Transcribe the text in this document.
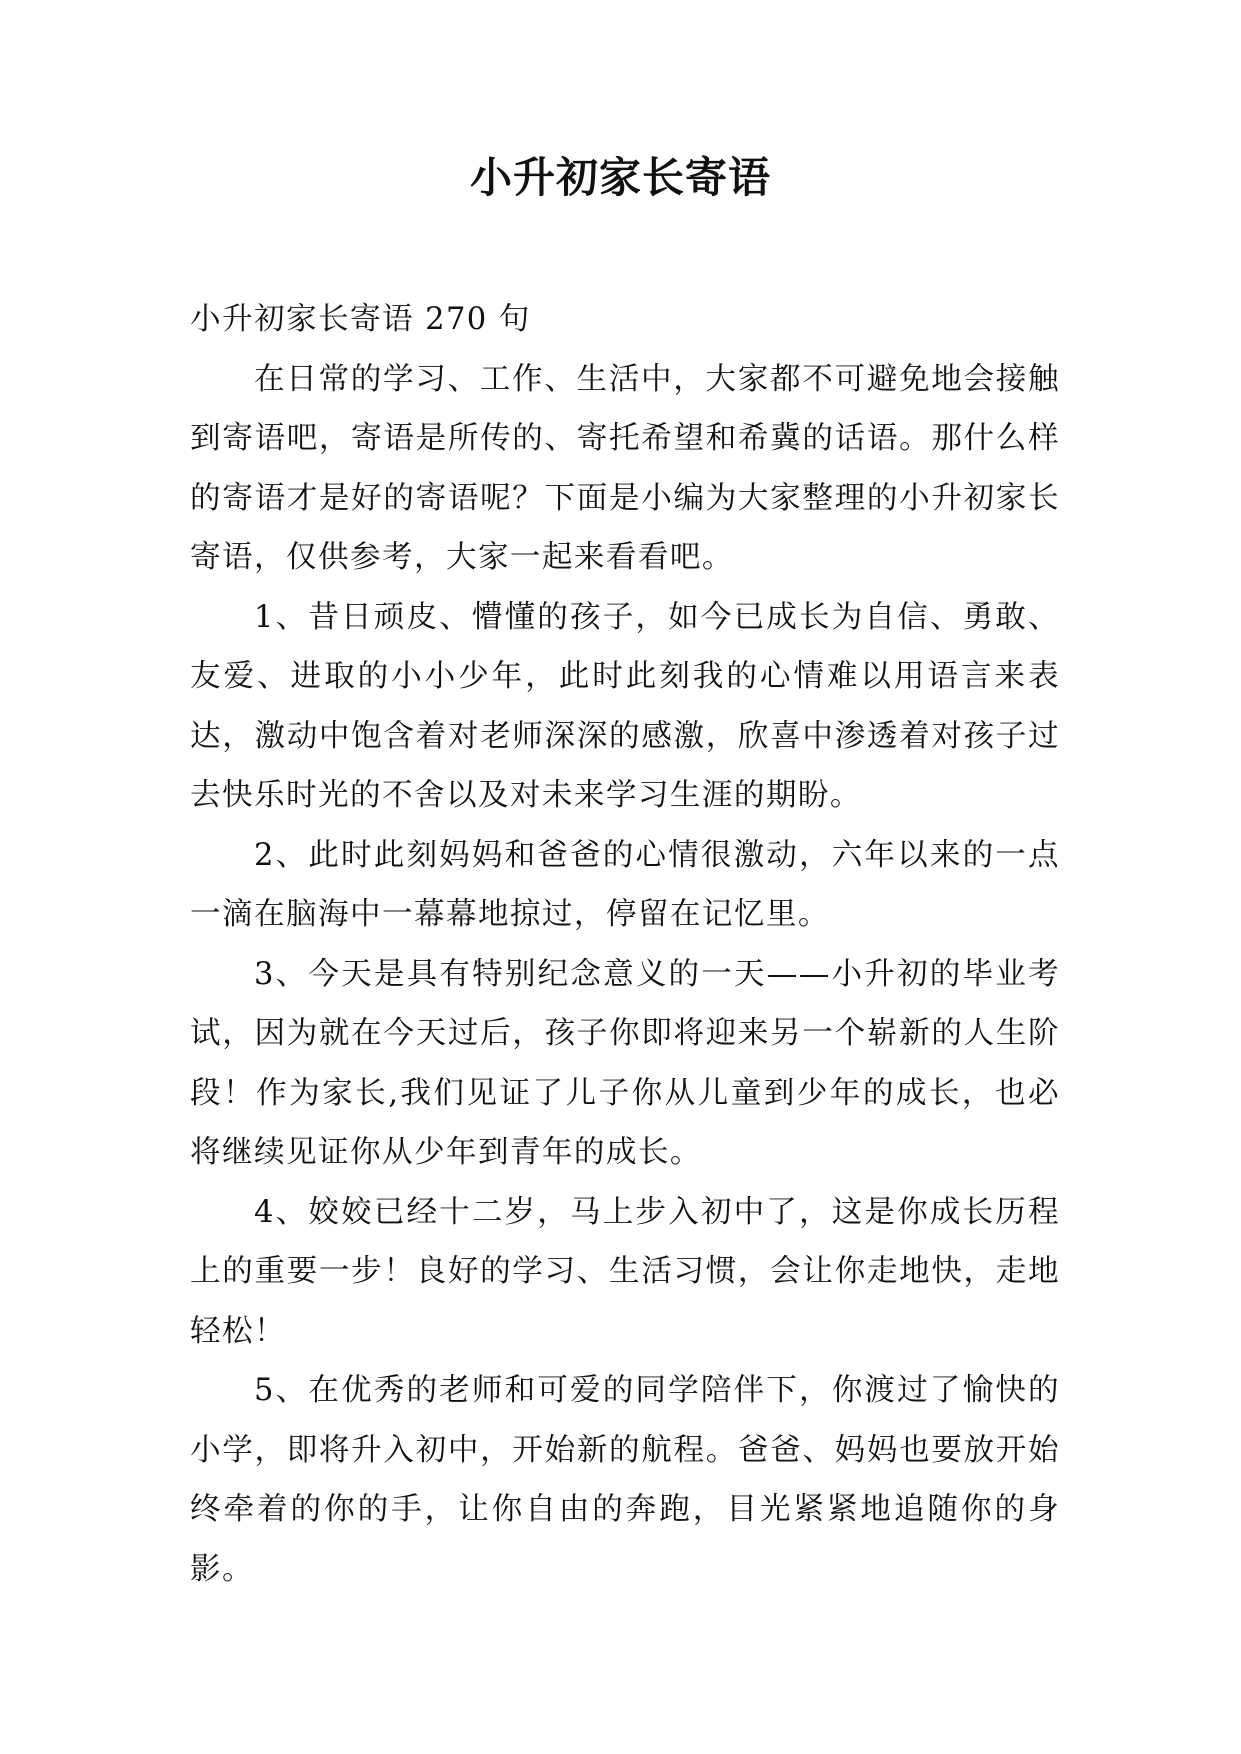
小升初家长寄语

小升初家长寄语 270 句

在日常的学习、工作、生活中，大家都不可避免地会接触到寄语吧，寄语是所传的、寄托希望和希冀的话语。那什么样的寄语才是好的寄语呢？下面是小编为大家整理的小升初家长寄语，仅供参考，大家一起来看看吧。

1、昔日顽皮、懵懂的孩子，如今已成长为自信、勇敢、友爱、进取的小小少年，此时此刻我的心情难以用语言来表达，激动中饱含着对老师深深的感激，欣喜中渗透着对孩子过去快乐时光的不舍以及对未来学习生涯的期盼。

2、此时此刻妈妈和爸爸的心情很激动，六年以来的一点一滴在脑海中一幕幕地掠过，停留在记忆里。

3、今天是具有特别纪念意义的一天——小升初的毕业考试，因为就在今天过后，孩子你即将迎来另一个崭新的人生阶段！作为家长,我们见证了儿子你从儿童到少年的成长，也必将继续见证你从少年到青年的成长。

4、姣姣已经十二岁，马上步入初中了，这是你成长历程上的重要一步！良好的学习、生活习惯，会让你走地快，走地轻松！

5、在优秀的老师和可爱的同学陪伴下，你渡过了愉快的小学，即将升入初中，开始新的航程。爸爸、妈妈也要放开始终牵着的你的手，让你自由的奔跑，目光紧紧地追随你的身影。
